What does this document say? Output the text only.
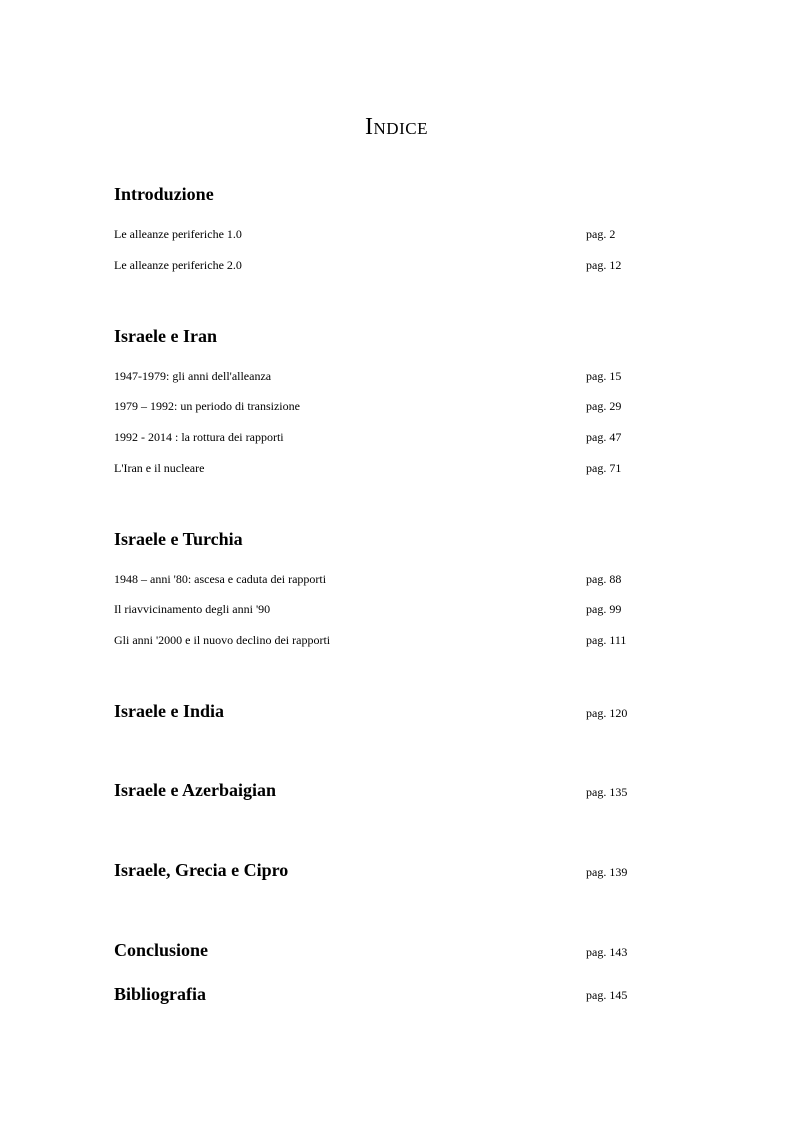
Indice
Introduzione
Le alleanze periferiche 1.0	pag. 2
Le alleanze periferiche 2.0	pag. 12
Israele e Iran
1947-1979: gli anni dell'alleanza	pag. 15
1979 – 1992: un periodo di transizione	pag. 29
1992 - 2014 : la rottura dei rapporti	pag. 47
L'Iran e il nucleare	pag. 71
Israele e Turchia
1948 – anni '80: ascesa e caduta dei rapporti	pag. 88
Il riavvicinamento degli anni '90	pag. 99
Gli anni '2000 e il nuovo declino dei rapporti	pag. 111
Israele e India	pag. 120
Israele e Azerbaigian	pag. 135
Israele, Grecia e Cipro	pag. 139
Conclusione	pag. 143
Bibliografia	pag. 145
